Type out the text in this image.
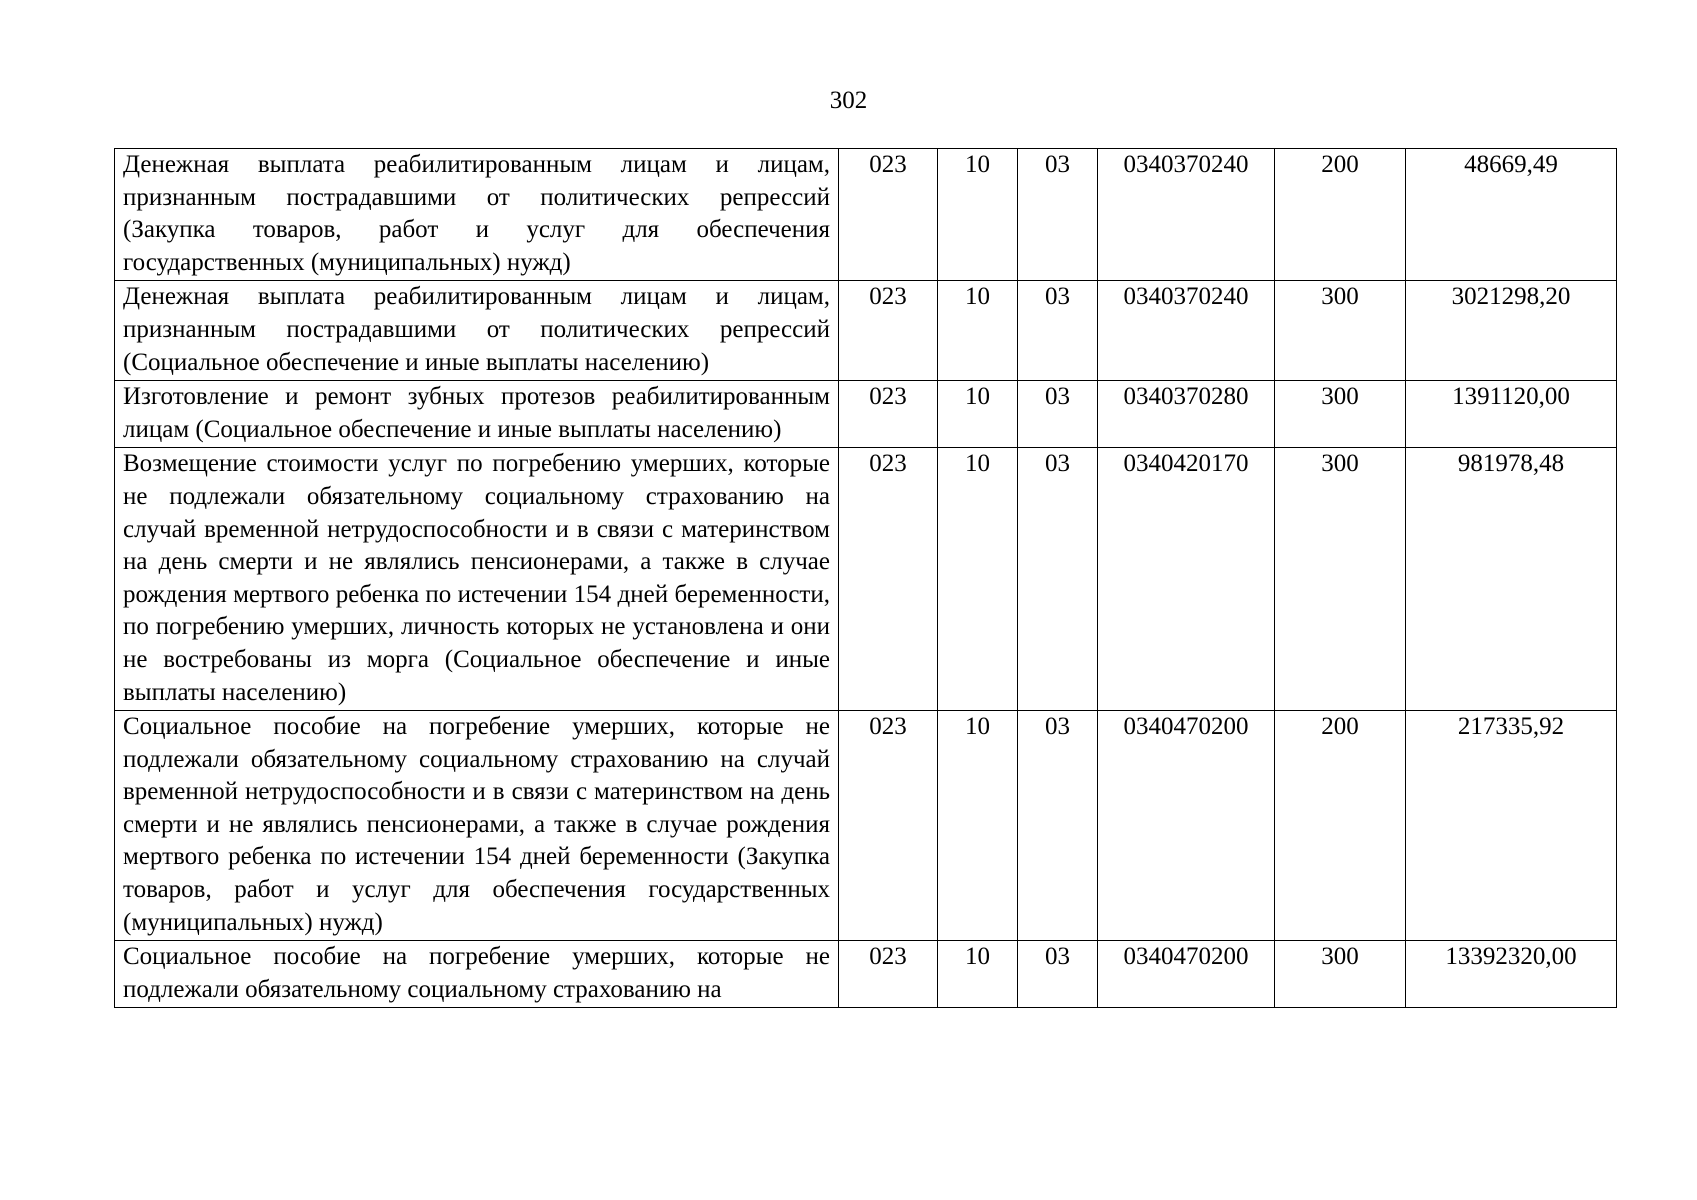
302
Денежная выплата реабилитированным лицам и лицам, признанным пострадавшими от политических репрессий (Закупка товаров, работ и услуг для обеспечения государственных (муниципальных) нужд)	023	10	03	0340370240	200	48669,49
Денежная выплата реабилитированным лицам и лицам, признанным пострадавшими от политических репрессий (Социальное обеспечение и иные выплаты населению)	023	10	03	0340370240	300	3021298,20
Изготовление и ремонт зубных протезов реабилитированным лицам (Социальное обеспечение и иные выплаты населению)	023	10	03	0340370280	300	1391120,00
Возмещение стоимости услуг по погребению умерших, которые не подлежали обязательному социальному страхованию на случай временной нетрудоспособности и в связи с материнством на день смерти и не являлись пенсионерами, а также в случае рождения мертвого ребенка по истечении 154 дней беременности, по погребению умерших, личность которых не установлена и они не востребованы из морга (Социальное обеспечение и иные выплаты населению)	023	10	03	0340420170	300	981978,48
Социальное пособие на погребение умерших, которые не подлежали обязательному социальному страхованию на случай временной нетрудоспособности и в связи с материнством на день смерти и не являлись пенсионерами, а также в случае рождения мертвого ребенка по истечении 154 дней беременности (Закупка товаров, работ и услуг для обеспечения государственных (муниципальных) нужд)	023	10	03	0340470200	200	217335,92
Социальное пособие на погребение умерших, которые не подлежали обязательному социальному страхованию на	023	10	03	0340470200	300	13392320,00
